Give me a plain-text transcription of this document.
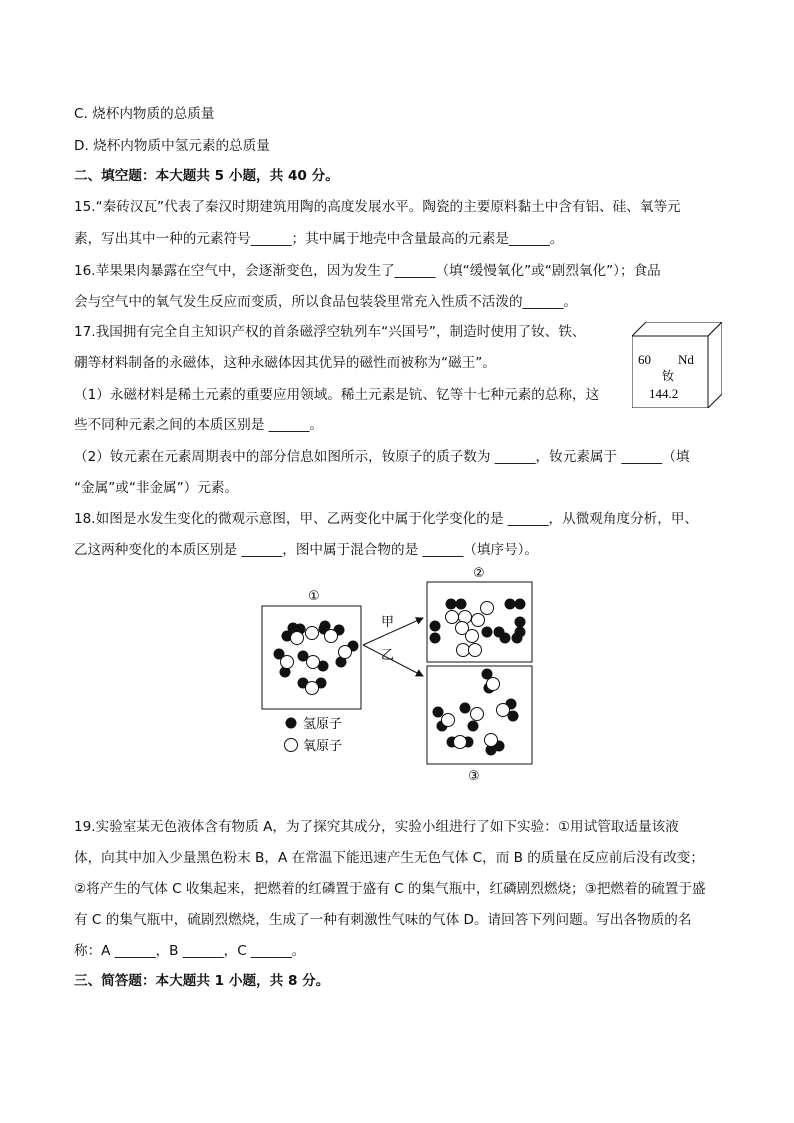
C. 烧杯内物质的总质量
D. 烧杯内物质中氢元素的总质量
二、填空题：本大题共 5 小题，共 40 分。
15.“秦砖汉瓦”代表了秦汉时期建筑用陶的高度发展水平。陶瓷的主要原料黏土中含有铝、硅、氧等元
素，写出其中一种的元素符号______；其中属于地壳中含量最高的元素是______。
16.苹果果肉暴露在空气中，会逐渐变色，因为发生了______（填“缓慢氧化”或“剧烈氧化”）；食品
会与空气中的氧气发生反应而变质，所以食品包装袋里常充入性质不活泼的______。
17.我国拥有完全自主知识产权的首条磁浮空轨列车“兴国号”，制造时使用了钕、铁、
硼等材料制备的永磁体，这种永磁体因其优异的磁性而被称为“磁王”。
（1）永磁材料是稀土元素的重要应用领域。稀土元素是钪、钇等十七种元素的总称，这
些不同种元素之间的本质区别是 ______。
（2）钕元素在元素周期表中的部分信息如图所示，钕原子的质子数为 ______，钕元素属于 ______（填
“金属”或“非金属”）元素。
18.如图是水发生变化的微观示意图，甲、乙两变化中属于化学变化的是 ______，从微观角度分析，甲、
乙这两种变化的本质区别是 ______，图中属于混合物的是 ______（填序号）。
19.实验室某无色液体含有物质 A，为了探究其成分，实验小组进行了如下实验：①用试管取适量该液
体，向其中加入少量黑色粉末 B，A 在常温下能迅速产生无色气体 C，而 B 的质量在反应前后没有改变；
②将产生的气体 C 收集起来，把燃着的红磷置于盛有 C 的集气瓶中，红磷剧烈燃烧；③把燃着的硫置于盛
有 C 的集气瓶中，硫剧烈燃烧，生成了一种有刺激性气味的气体 D。请回答下列问题。写出各物质的名
称：A ______，B ______，C ______。
三、简答题：本大题共 1 小题，共 8 分。
60 Nd
钕
144.2
①
②
③
甲
乙
氢原子
氧原子
